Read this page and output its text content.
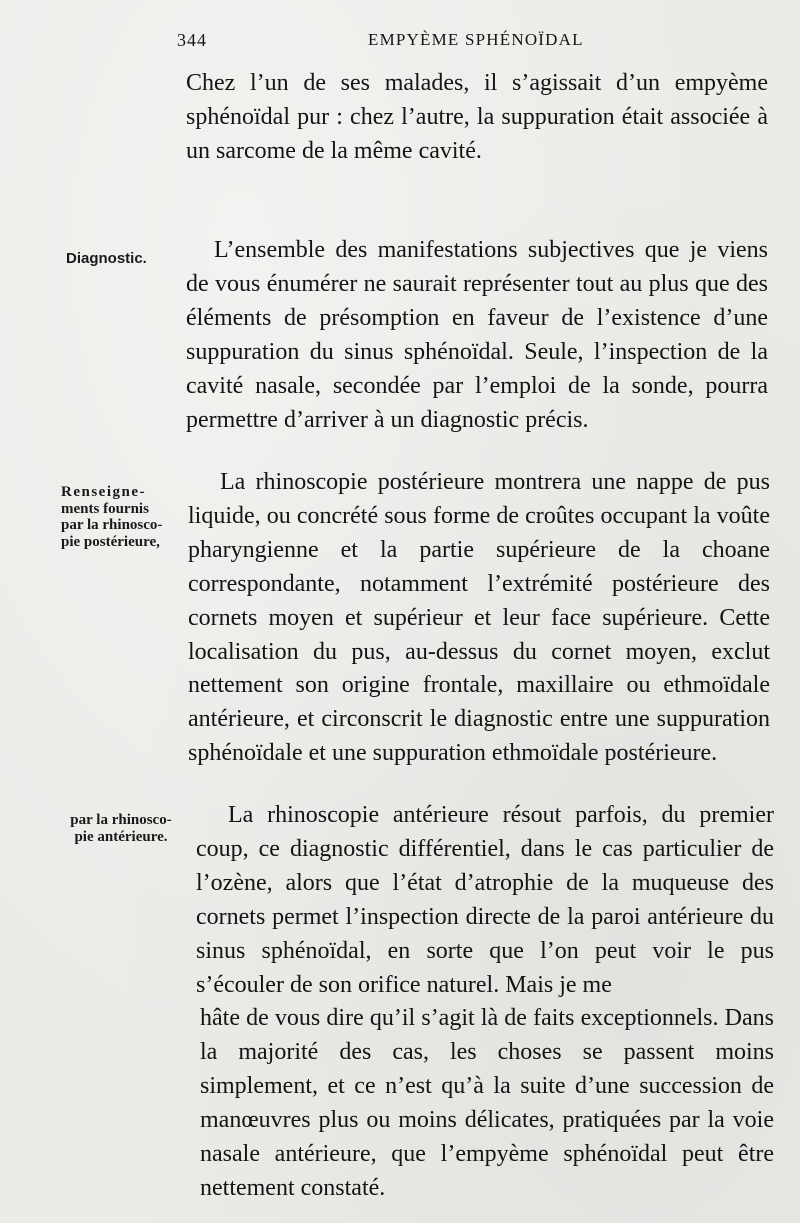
344	EMPYÈME SPHÉNOÏDAL

Chez l’un de ses malades, il s’agissait d’un empyème sphénoïdal pur : chez l’autre, la suppuration était associée à un sarcome de la même cavité.

Diagnostic.	L’ensemble des manifestations subjectives que je viens de vous énumérer ne saurait représenter tout au plus que des éléments de présomption en faveur de l’existence d’une suppuration du sinus sphénoïdal. Seule, l’inspection de la cavité nasale, secondée par l’emploi de la sonde, pourra permettre d’arriver à un diagnostic précis.

Renseigne-
ments fournis
par la rhinosco-
pie postérieure,

La rhinoscopie postérieure montrera une nappe de pus liquide, ou concrété sous forme de croûtes occupant la voûte pharyngienne et la partie supérieure de la choane correspondante, notamment l’extrémité postérieure des cornets moyen et supérieur et leur face supérieure. Cette localisation du pus, au-dessus du cornet moyen, exclut nettement son origine frontale, maxillaire ou ethmoïdale antérieure, et circonscrit le diagnostic entre une suppuration sphénoïdale et une suppuration ethmoïdale postérieure.

par la rhinosco-
pie antérieure.

La rhinoscopie antérieure résout parfois, du premier coup, ce diagnostic différentiel, dans le cas particulier de l’ozène, alors que l’état d’atrophie de la muqueuse des cornets permet l’inspection directe de la paroi antérieure du sinus sphénoïdal, en sorte que l’on peut voir le pus s’écouler de son orifice naturel. Mais je me

hâte de vous dire qu’il s’agit là de faits exceptionnels. Dans la majorité des cas, les choses se passent moins simplement, et ce n’est qu’à la suite d’une succession de manœuvres plus ou moins délicates, pratiquées par la voie nasale antérieure, que l’empyème sphénoïdal peut être nettement constaté.
